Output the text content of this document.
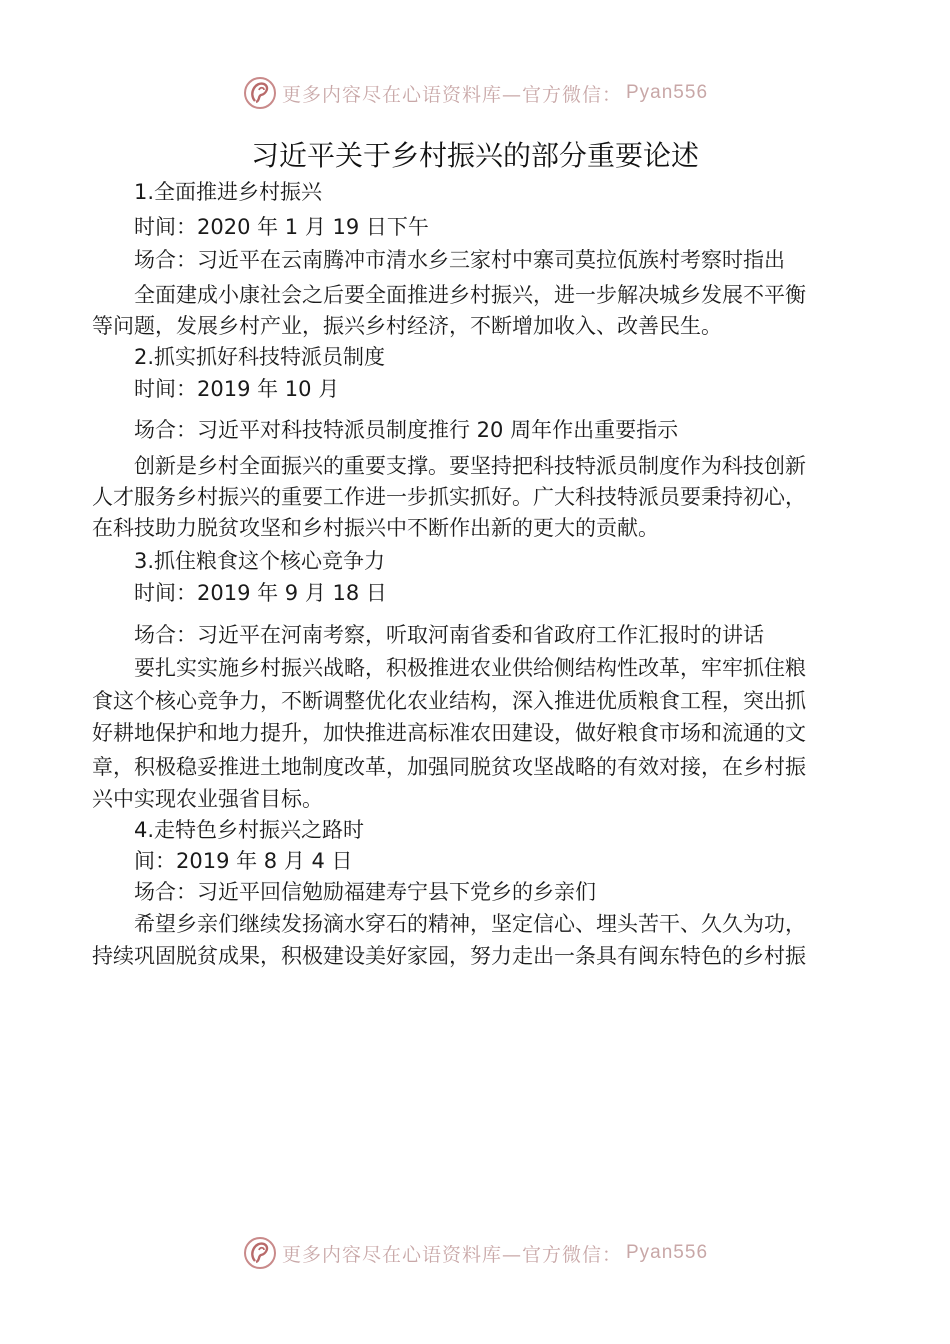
更多内容尽在心语资料库—官方微信： Pyan556
习近平关于乡村振兴的部分重要论述
1.全面推进乡村振兴
时间：2020 年 1 月 19 日下午
场合：习近平在云南腾冲市清水乡三家村中寨司莫拉佤族村考察时指出
全面建成小康社会之后要全面推进乡村振兴，进一步解决城乡发展不平衡
等问题，发展乡村产业，振兴乡村经济，不断增加收入、改善民生。
2.抓实抓好科技特派员制度
时间：2019 年 10 月
场合：习近平对科技特派员制度推行 20 周年作出重要指示
创新是乡村全面振兴的重要支撑。要坚持把科技特派员制度作为科技创新
人才服务乡村振兴的重要工作进一步抓实抓好。广大科技特派员要秉持初心，
在科技助力脱贫攻坚和乡村振兴中不断作出新的更大的贡献。
3.抓住粮食这个核心竞争力
时间：2019 年 9 月 18 日
场合：习近平在河南考察，听取河南省委和省政府工作汇报时的讲话
要扎实实施乡村振兴战略，积极推进农业供给侧结构性改革，牢牢抓住粮
食这个核心竞争力，不断调整优化农业结构，深入推进优质粮食工程，突出抓
好耕地保护和地力提升，加快推进高标准农田建设，做好粮食市场和流通的文
章，积极稳妥推进土地制度改革，加强同脱贫攻坚战略的有效对接，在乡村振
兴中实现农业强省目标。
4.走特色乡村振兴之路时
间：2019 年 8 月 4 日
场合：习近平回信勉励福建寿宁县下党乡的乡亲们
希望乡亲们继续发扬滴水穿石的精神，坚定信心、埋头苦干、久久为功，
持续巩固脱贫成果，积极建设美好家园，努力走出一条具有闽东特色的乡村振
更多内容尽在心语资料库—官方微信： Pyan556
